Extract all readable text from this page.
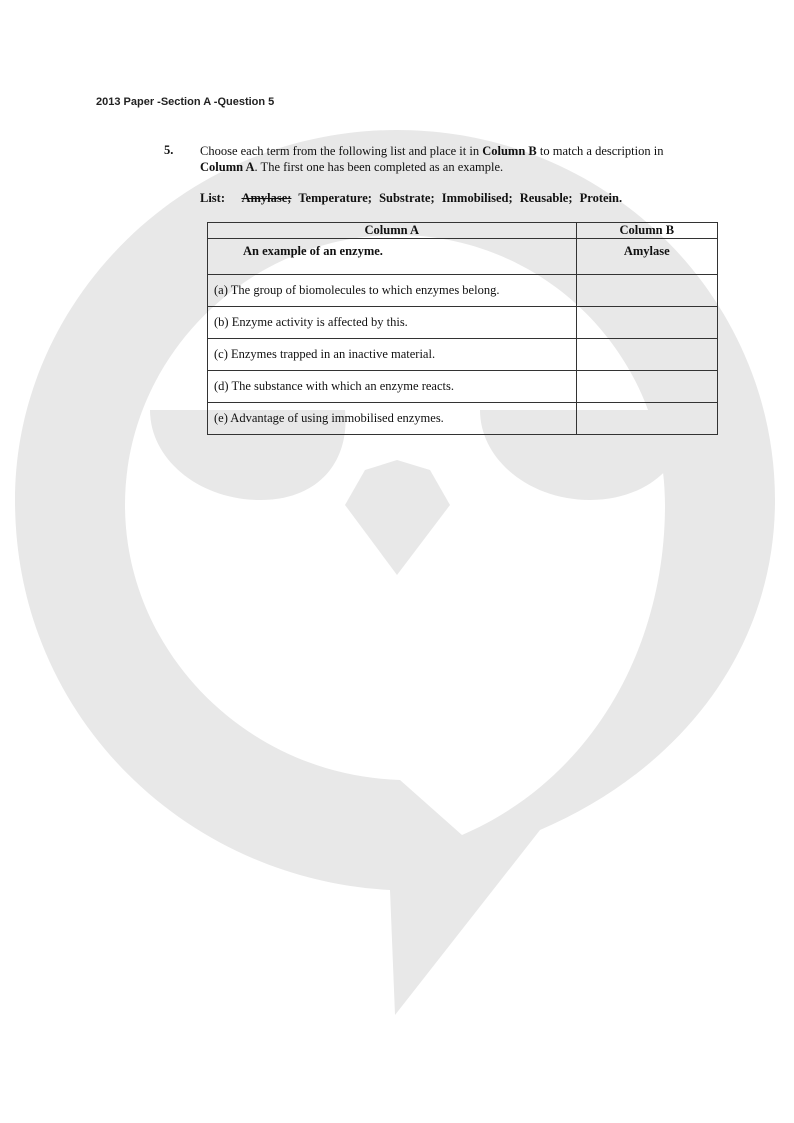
2013 Paper -Section A -Question 5
5. Choose each term from the following list and place it in Column B to match a description in
Column A. The first one has been completed as an example.
List: Amylase; Temperature; Substrate; Immobilised; Reusable; Protein.
Column A	Column B
An example of an enzyme.	Amylase
(a) The group of biomolecules to which enzymes belong.	
(b) Enzyme activity is affected by this.	
(c) Enzymes trapped in an inactive material.	
(d) The substance with which an enzyme reacts.	
(e) Advantage of using immobilised enzymes.	
